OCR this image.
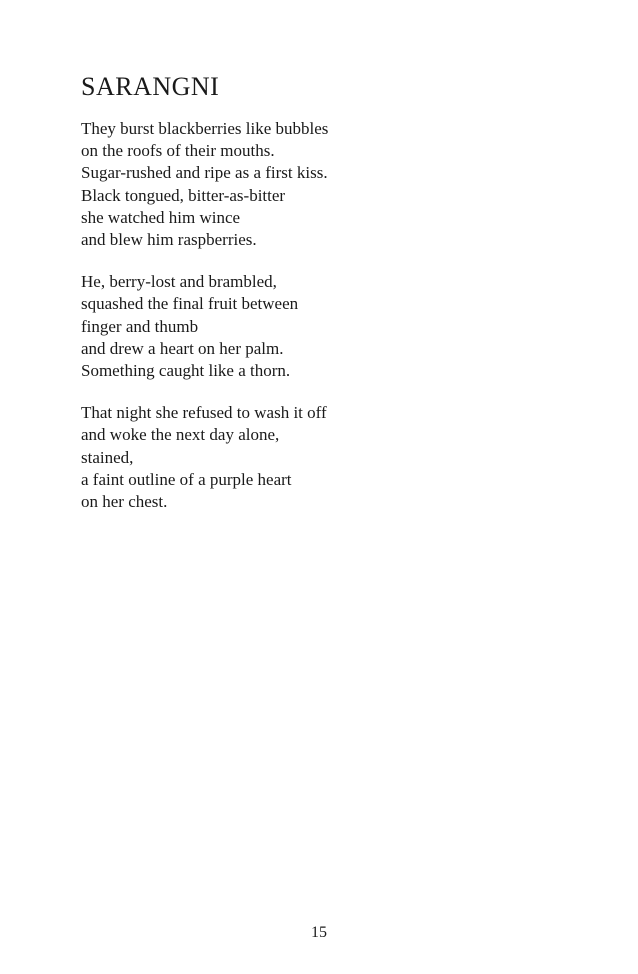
SARANGNI
They burst blackberries like bubbles
on the roofs of their mouths.
Sugar-rushed and ripe as a first kiss.
Black tongued, bitter-as-bitter
she watched him wince
and blew him raspberries.
He, berry-lost and brambled,
squashed the final fruit between
finger and thumb
and drew a heart on her palm.
Something caught like a thorn.
That night she refused to wash it off
and woke the next day alone,
stained,
a faint outline of a purple heart
on her chest.
15
